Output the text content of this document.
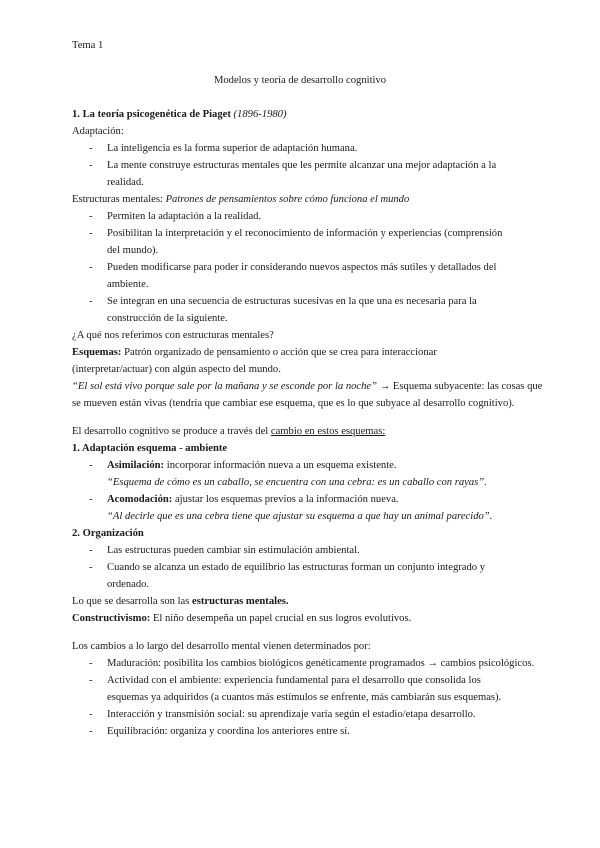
Tema 1
Modelos y teoría de desarrollo cognitivo
1. La teoría psicogenética de Piaget (1896-1980)
Adaptación:
- La inteligencia es la forma superior de adaptación humana.
- La mente construye estructuras mentales que les permite alcanzar una mejor adaptación a la
realidad.
Estructuras mentales: Patrones de pensamientos sobre cómo funciona el mundo
- Permiten la adaptación a la realidad.
- Posibilitan la interpretación y el reconocimiento de información y experiencias (comprensión
del mundo).
- Pueden modificarse para poder ir considerando nuevos aspectos más sutiles y detallados del
ambiente.
- Se integran en una secuencia de estructuras sucesivas en la que una es necesaria para la
construcción de la siguiente.
¿A qué nos referimos con estructuras mentales?
Esquemas: Patrón organizado de pensamiento o acción que se crea para interaccionar
(interpretar/actuar) con algún aspecto del mundo.
“El sol está vivo porque sale por la mañana y se esconde por la noche” → Esquema subyacente: las cosas que
se mueven están vivas (tendría que cambiar ese esquema, que es lo que subyace al desarrollo cognitivo).
El desarrollo cognitivo se produce a través del cambio en estos esquemas:
1. Adaptación esquema - ambiente
- Asimilación: incorporar información nueva a un esquema existente.
“Esquema de cómo es un caballo, se encuentra con una cebra: es un caballo con rayas”.
- Acomodación: ajustar los esquemas previos a la información nueva.
“Al decirle que es una cebra tiene que ajustar su esquema a que hay un animal parecido”.
2. Organización
- Las estructuras pueden cambiar sin estimulación ambiental.
- Cuando se alcanza un estado de equilibrio las estructuras forman un conjunto integrado y
ordenado.
Lo que se desarrolla son las estructuras mentales.
Constructivismo: El niño desempeña un papel crucial en sus logros evolutivos.
Los cambios a lo largo del desarrollo mental vienen determinados por:
- Maduración: posibilita los cambios biológicos genéticamente programados → cambios psicológicos.
- Actividad con el ambiente: experiencia fundamental para el desarrollo que consolida los
esquemas ya adquiridos (a cuantos más estímulos se enfrente, más cambiarán sus esquemas).
- Interacción y transmisión social: su aprendizaje varía según el estadio/etapa desarrollo.
- Equilibración: organiza y coordina los anteriores entre sí.
